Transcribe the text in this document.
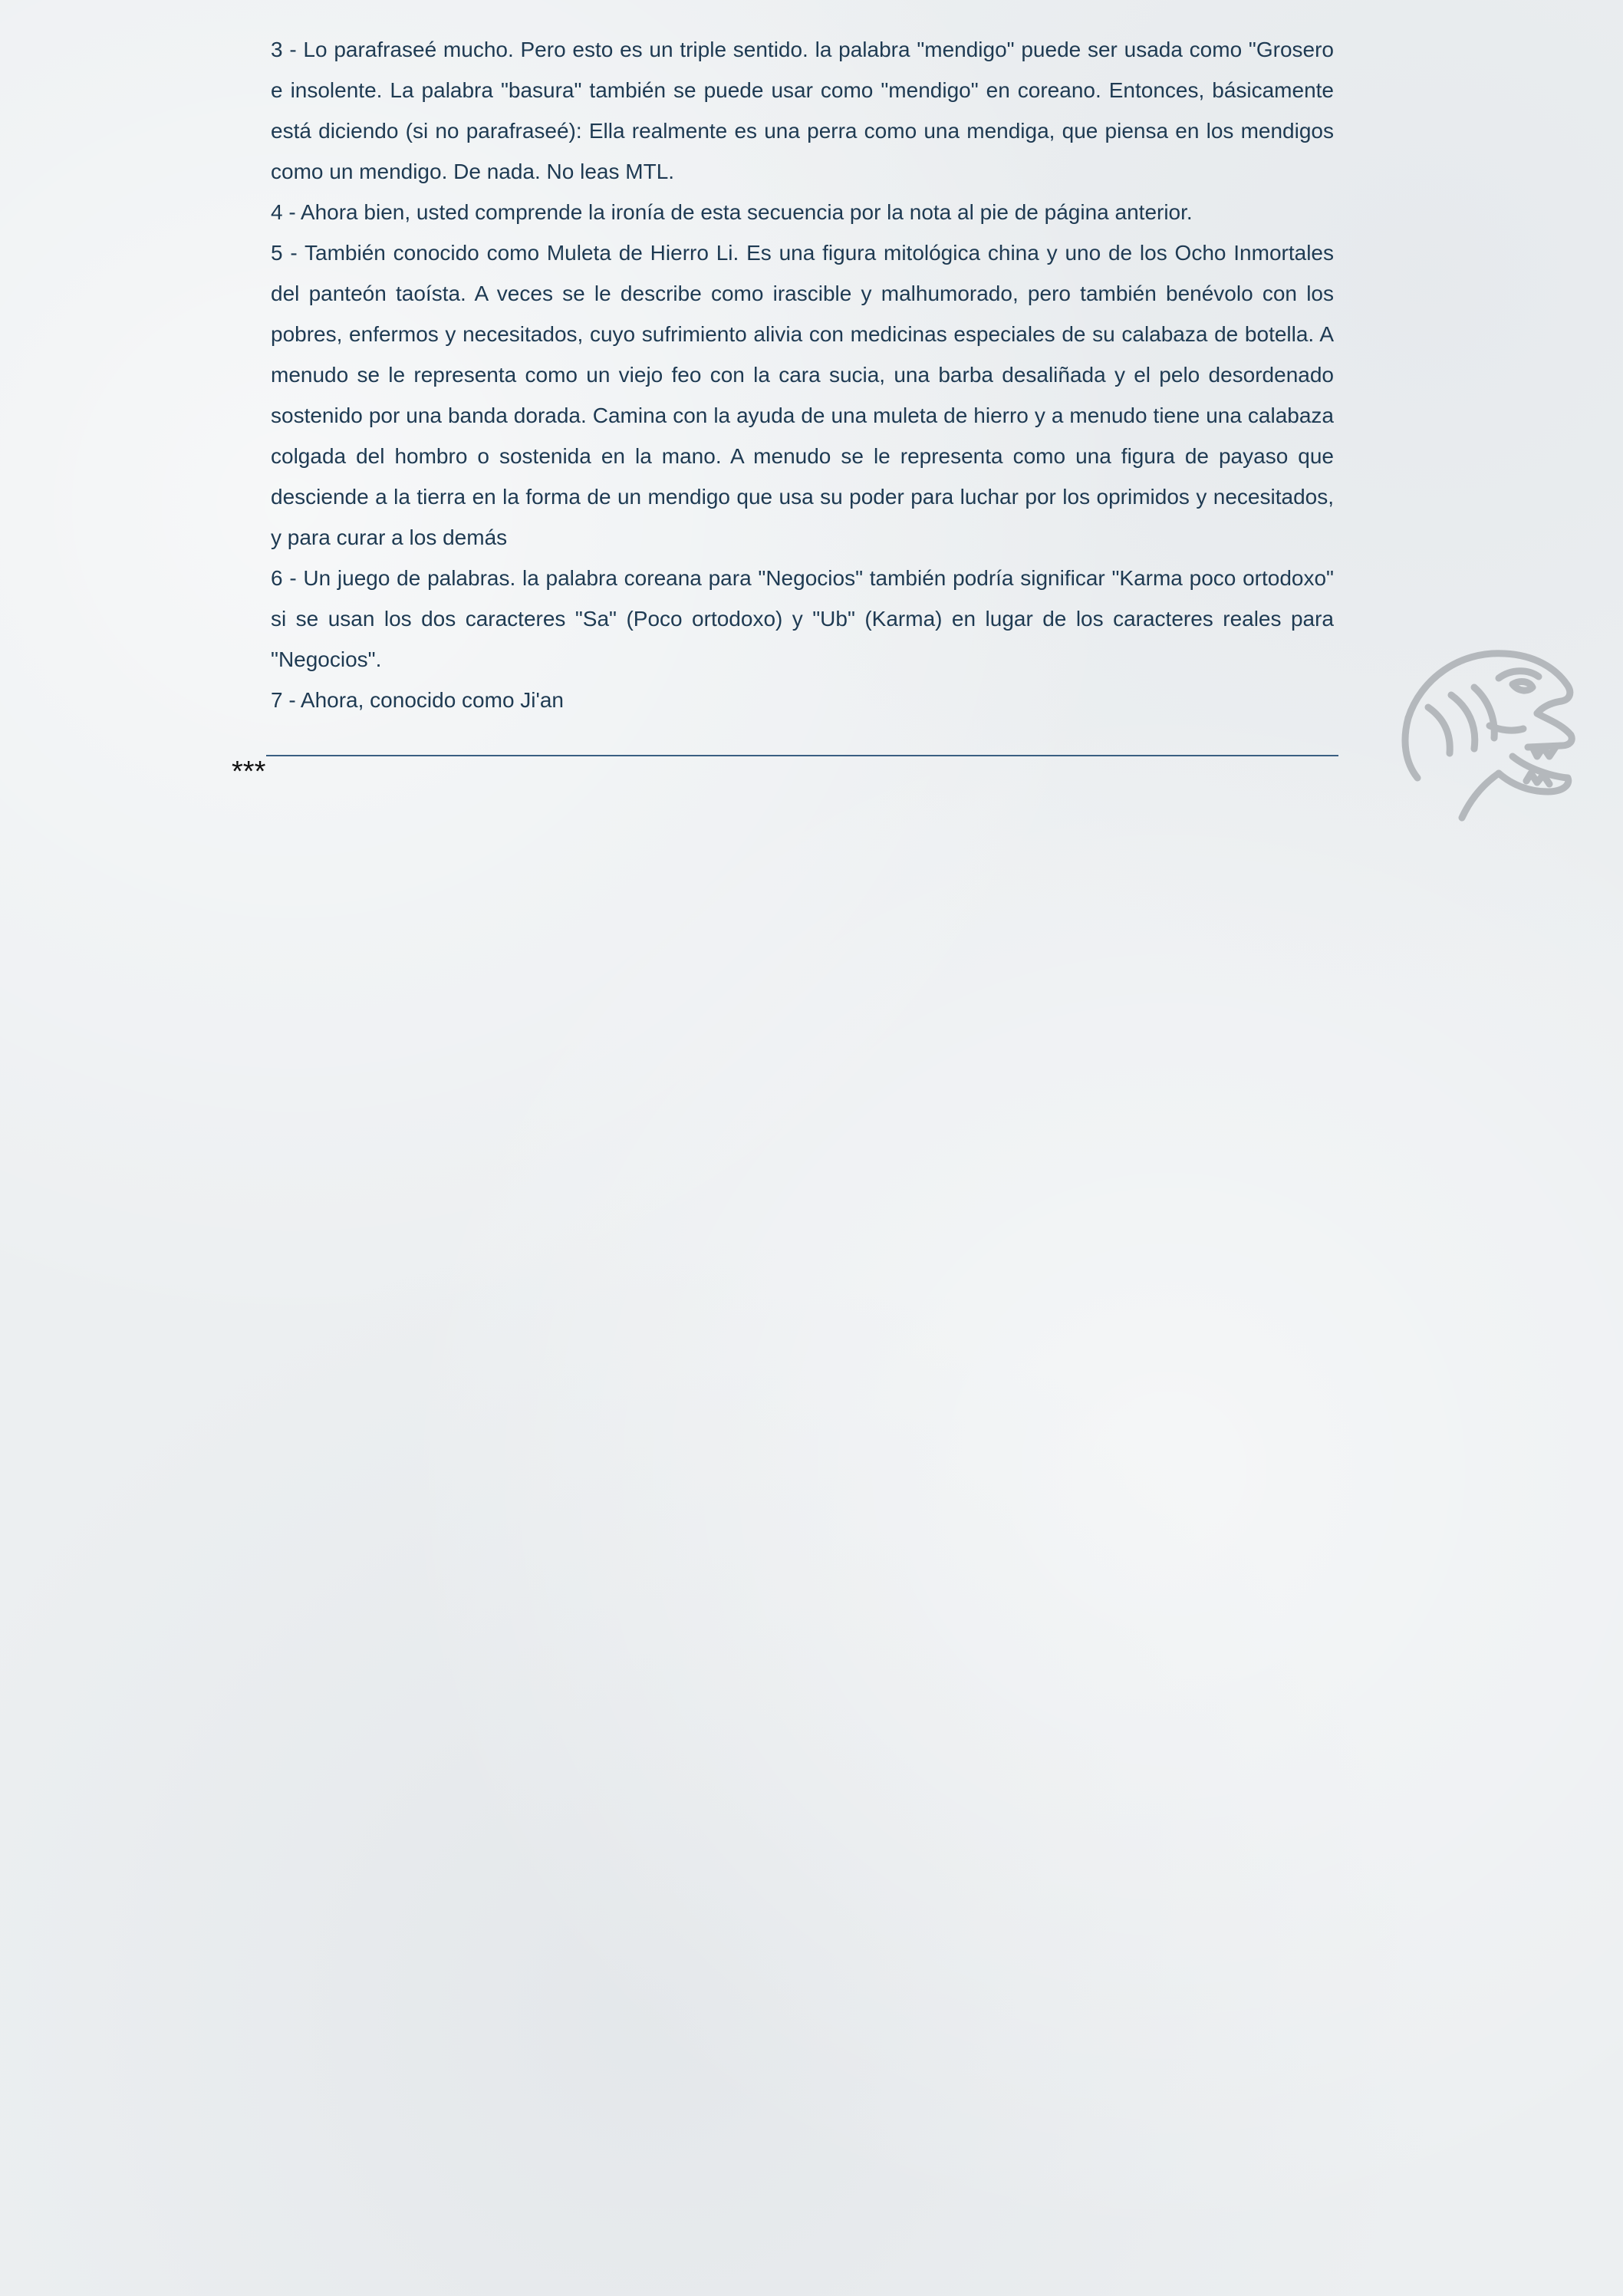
3 - Lo parafraseé mucho. Pero esto es un triple sentido. la palabra "mendigo" puede ser usada como "Grosero e insolente. La palabra "basura" también se puede usar como "mendigo" en coreano. Entonces, básicamente está diciendo (si no parafraseé): Ella realmente es una perra como una mendiga, que piensa en los mendigos como un mendigo. De nada. No leas MTL.
4 - Ahora bien, usted comprende la ironía de esta secuencia por la nota al pie de página anterior.
5 - También conocido como Muleta de Hierro Li. Es una figura mitológica china y uno de los Ocho Inmortales del panteón taoísta. A veces se le describe como irascible y malhumorado, pero también benévolo con los pobres, enfermos y necesitados, cuyo sufrimiento alivia con medicinas especiales de su calabaza de botella. A menudo se le representa como un viejo feo con la cara sucia, una barba desaliñada y el pelo desordenado sostenido por una banda dorada. Camina con la ayuda de una muleta de hierro y a menudo tiene una calabaza colgada del hombro o sostenida en la mano. A menudo se le representa como una figura de payaso que desciende a la tierra en la forma de un mendigo que usa su poder para luchar por los oprimidos y necesitados, y para curar a los demás
6 - Un juego de palabras. la palabra coreana para "Negocios" también podría significar "Karma poco ortodoxo" si se usan los dos caracteres "Sa" (Poco ortodoxo) y "Ub" (Karma) en lugar de los caracteres reales para "Negocios".
7 - Ahora, conocido como Ji'an
***
